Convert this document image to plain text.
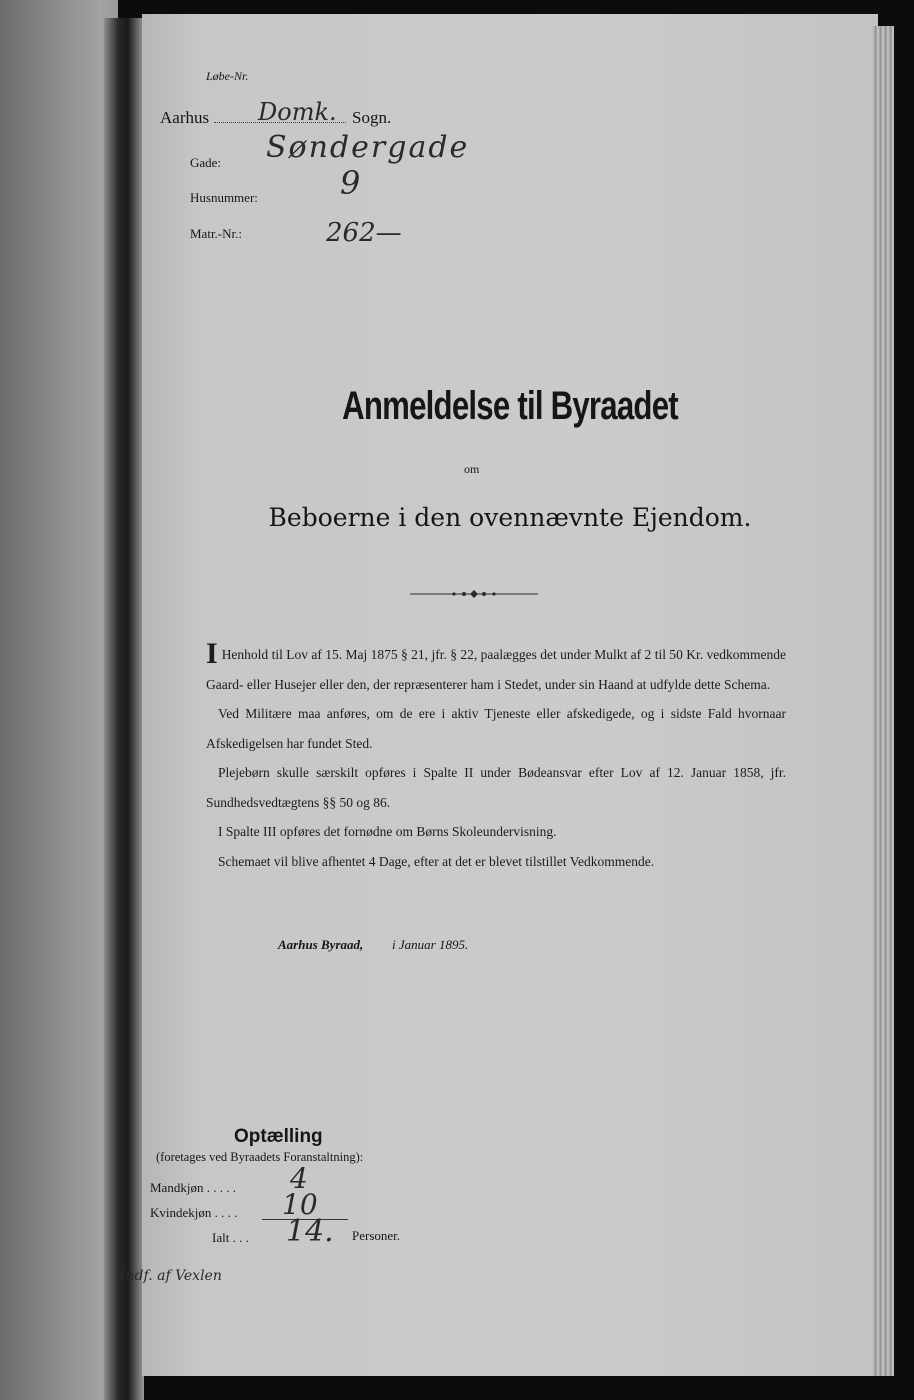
Løbe-Nr.
Aarhus Domk. Sogn.
Gade: Søndergade
Husnummer:	9
Matr.-Nr.:	262—
Anmeldelse til Byraadet
om
Beboerne i den ovennævnte Ejendom.

I Henhold til Lov af 15. Maj 1875 § 21, jfr. § 22, paalægges det under Mulkt af 2 til 50 Kr. vedkommende Gaard- eller Husejer eller den, der repræsenterer ham i Stedet, under sin Haand at udfylde dette Schema.

Ved Militære maa anføres, om de ere i aktiv Tjeneste eller afskedigede, og i sidste Fald hvornaar Afskedigelsen har fundet Sted.

Plejebørn skulle særskilt opføres i Spalte II under Bødeansvar efter Lov af 12. Januar 1858, jfr. Sundhedsvedtægtens §§ 50 og 86.

I Spalte III opføres det fornødne om Børns Skoleundervisning.

Schemaet vil blive afhentet 4 Dage, efter at det er blevet tilstillet Vedkommende.

Aarhus Byraad, i Januar 1895.
Optælling
(foretages ved Byraadets Foranstaltning):
Mandkjøn . . . . . 4
Kvindekjøn . . . . 10
Ialt . . . 14. Personer.
Indf. af Vexlen
